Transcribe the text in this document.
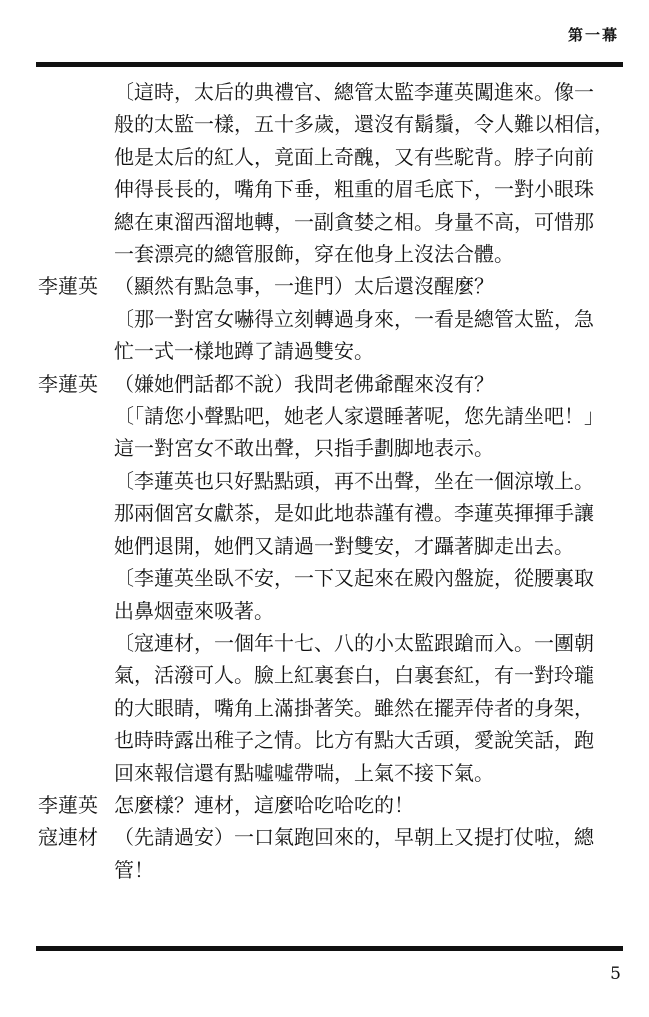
第一幕
〔這時，太后的典禮官、總管太監李蓮英闖進來。像一
般的太監一樣，五十多歲，還沒有鬍鬚，令人難以相信，
他是太后的紅人，竟面上奇醜，又有些駝背。脖子向前
伸得長長的，嘴角下垂，粗重的眉毛底下，一對小眼珠
總在東溜西溜地轉，一副貪婪之相。身量不高，可惜那
一套漂亮的總管服飾，穿在他身上沒法合體。
李蓮英 （顯然有點急事，一進門）太后還沒醒麼？
〔那一對宮女嚇得立刻轉過身來，一看是總管太監，急
忙一式一樣地蹲了請過雙安。
李蓮英 （嫌她們話都不說）我問老佛爺醒來沒有？
〔「請您小聲點吧，她老人家還睡著呢，您先請坐吧！」
這一對宮女不敢出聲，只指手劃脚地表示。
〔李蓮英也只好點點頭，再不出聲，坐在一個涼墩上。
那兩個宮女獻茶，是如此地恭謹有禮。李蓮英揮揮手讓
她們退開，她們又請過一對雙安，才躡著脚走出去。
〔李蓮英坐臥不安，一下又起來在殿內盤旋，從腰裏取
出鼻烟壺來吸著。
〔寇連材，一個年十七、八的小太監跟蹌而入。一團朝
氣，活潑可人。臉上紅裏套白，白裏套紅，有一對玲瓏
的大眼睛，嘴角上滿掛著笑。雖然在擺弄侍者的身架，
也時時露出稚子之情。比方有點大舌頭，愛說笑話，跑
回來報信還有點噓噓帶喘，上氣不接下氣。
李蓮英 怎麼樣？連材，這麼哈吃哈吃的！
寇連材 （先請過安）一口氣跑回來的，早朝上又提打仗啦，總
管！
5
